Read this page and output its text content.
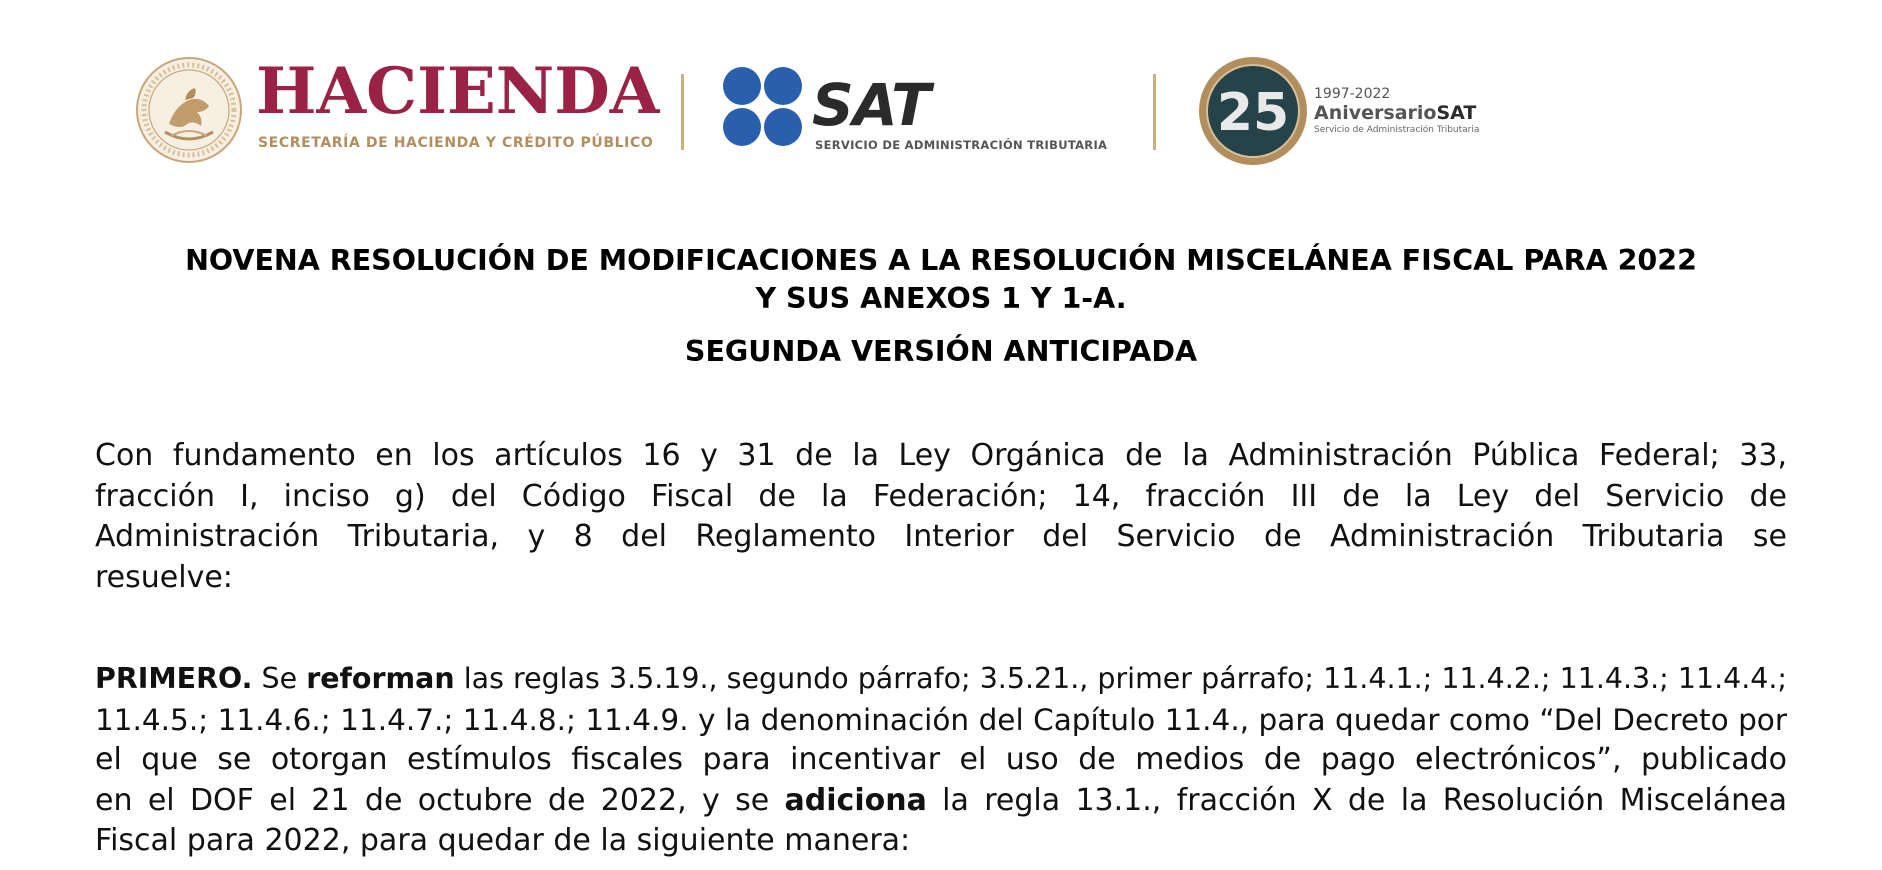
HACIENDA
SECRETARÍA DE HACIENDA Y CRÉDITO PÚBLICO
SAT
SERVICIO DE ADMINISTRACIÓN TRIBUTARIA
25 1997-2022
AniversarioSAT
Servicio de Administración Tributaria
NOVENA RESOLUCIÓN DE MODIFICACIONES A LA RESOLUCIÓN MISCELÁNEA FISCAL PARA 2022
Y SUS ANEXOS 1 Y 1-A.
SEGUNDA VERSIÓN ANTICIPADA
Con fundamento en los artículos 16 y 31 de la Ley Orgánica de la Administración Pública Federal; 33,
fracción I, inciso g) del Código Fiscal de la Federación; 14, fracción III de la Ley del Servicio de
Administración Tributaria, y 8 del Reglamento Interior del Servicio de Administración Tributaria se
resuelve:
PRIMERO. Se reforman las reglas 3.5.19., segundo párrafo; 3.5.21., primer párrafo; 11.4.1.; 11.4.2.; 11.4.3.; 11.4.4.;
11.4.5.; 11.4.6.; 11.4.7.; 11.4.8.; 11.4.9. y la denominación del Capítulo 11.4., para quedar como “Del Decreto por
el que se otorgan estímulos fiscales para incentivar el uso de medios de pago electrónicos”, publicado
en el DOF el 21 de octubre de 2022, y se adiciona la regla 13.1., fracción X de la Resolución Miscelánea
Fiscal para 2022, para quedar de la siguiente manera:
